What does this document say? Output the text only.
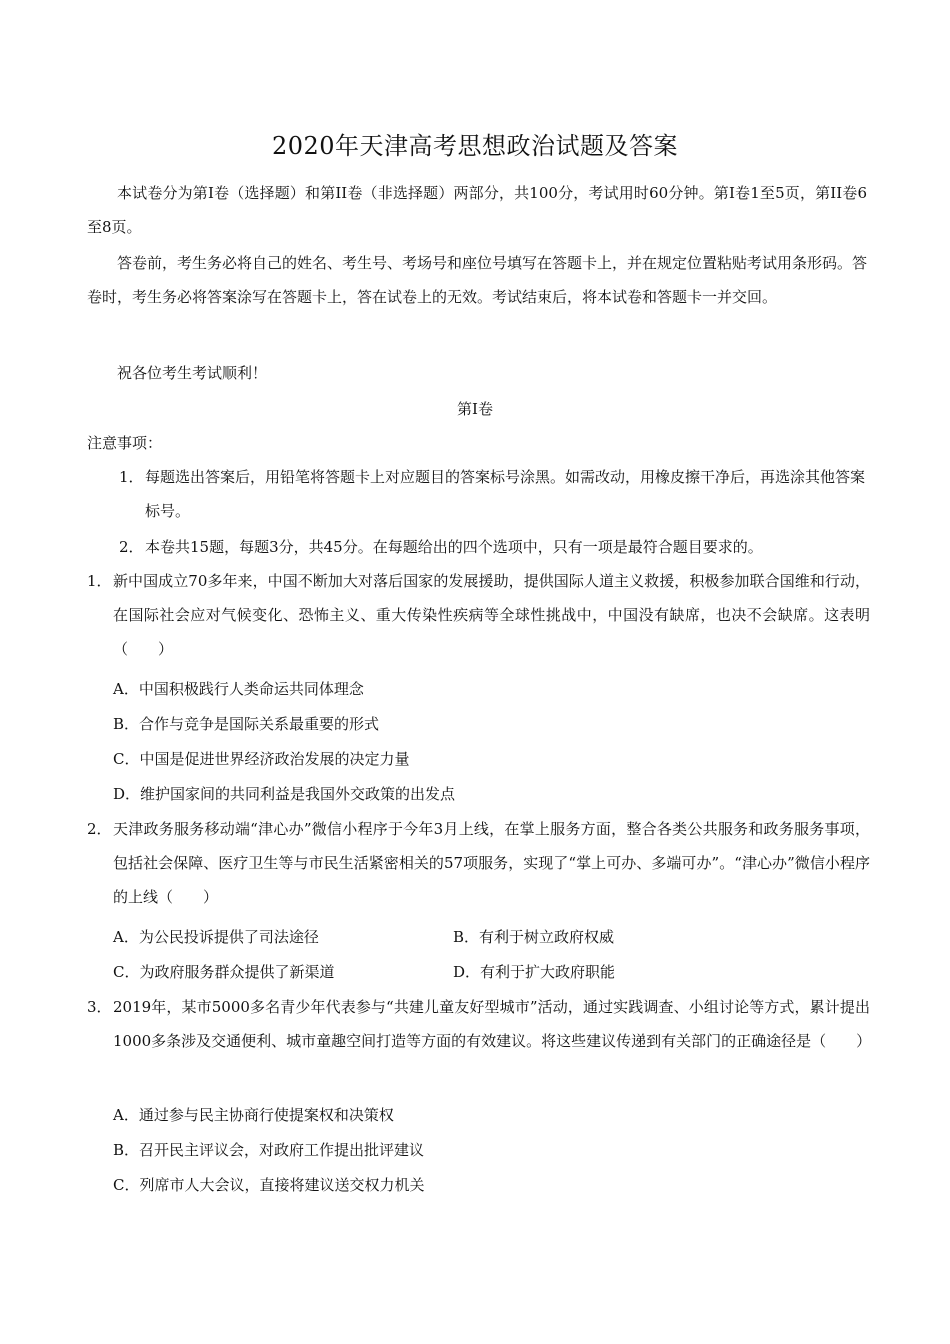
2020年天津高考思想政治试题及答案
本试卷分为第I卷（选择题）和第II卷（非选择题）两部分，共100分，考试用时60分钟。第I卷1至5页，第II卷6至8页。
答卷前，考生务必将自己的姓名、考生号、考场号和座位号填写在答题卡上，并在规定位置粘贴考试用条形码。答卷时，考生务必将答案涂写在答题卡上，答在试卷上的无效。考试结束后，将本试卷和答题卡一并交回。
祝各位考生考试顺利！
第I卷
注意事项：
1． 每题选出答案后，用铅笔将答题卡上对应题目的答案标号涂黑。如需改动，用橡皮擦干净后，再选涂其他答案标号。
2． 本卷共15题，每题3分，共45分。在每题给出的四个选项中，只有一项是最符合题目要求的。
1． 新中国成立70多年来，中国不断加大对落后国家的发展援助，提供国际人道主义救援，积极参加联合国维和行动，在国际社会应对气候变化、恐怖主义、重大传染性疾病等全球性挑战中，中国没有缺席，也决不会缺席。这表明（　　）
A．中国积极践行人类命运共同体理念
B．合作与竞争是国际关系最重要的形式
C．中国是促进世界经济政治发展的决定力量
D．维护国家间的共同利益是我国外交政策的出发点
2． 天津政务服务移动端“津心办”微信小程序于今年3月上线，在掌上服务方面，整合各类公共服务和政务服务事项，包括社会保障、医疗卫生等与市民生活紧密相关的57项服务，实现了“掌上可办、多端可办”。“津心办”微信小程序的上线（　　）
A．为公民投诉提供了司法途径	B．有利于树立政府权威
C．为政府服务群众提供了新渠道	D．有利于扩大政府职能
3． 2019年，某市5000多名青少年代表参与“共建儿童友好型城市”活动，通过实践调查、小组讨论等方式，累计提出1000多条涉及交通便利、城市童趣空间打造等方面的有效建议。将这些建议传递到有关部门的正确途径是（　　）
A．通过参与民主协商行使提案权和决策权
B．召开民主评议会，对政府工作提出批评建议
C．列席市人大会议，直接将建议送交权力机关
